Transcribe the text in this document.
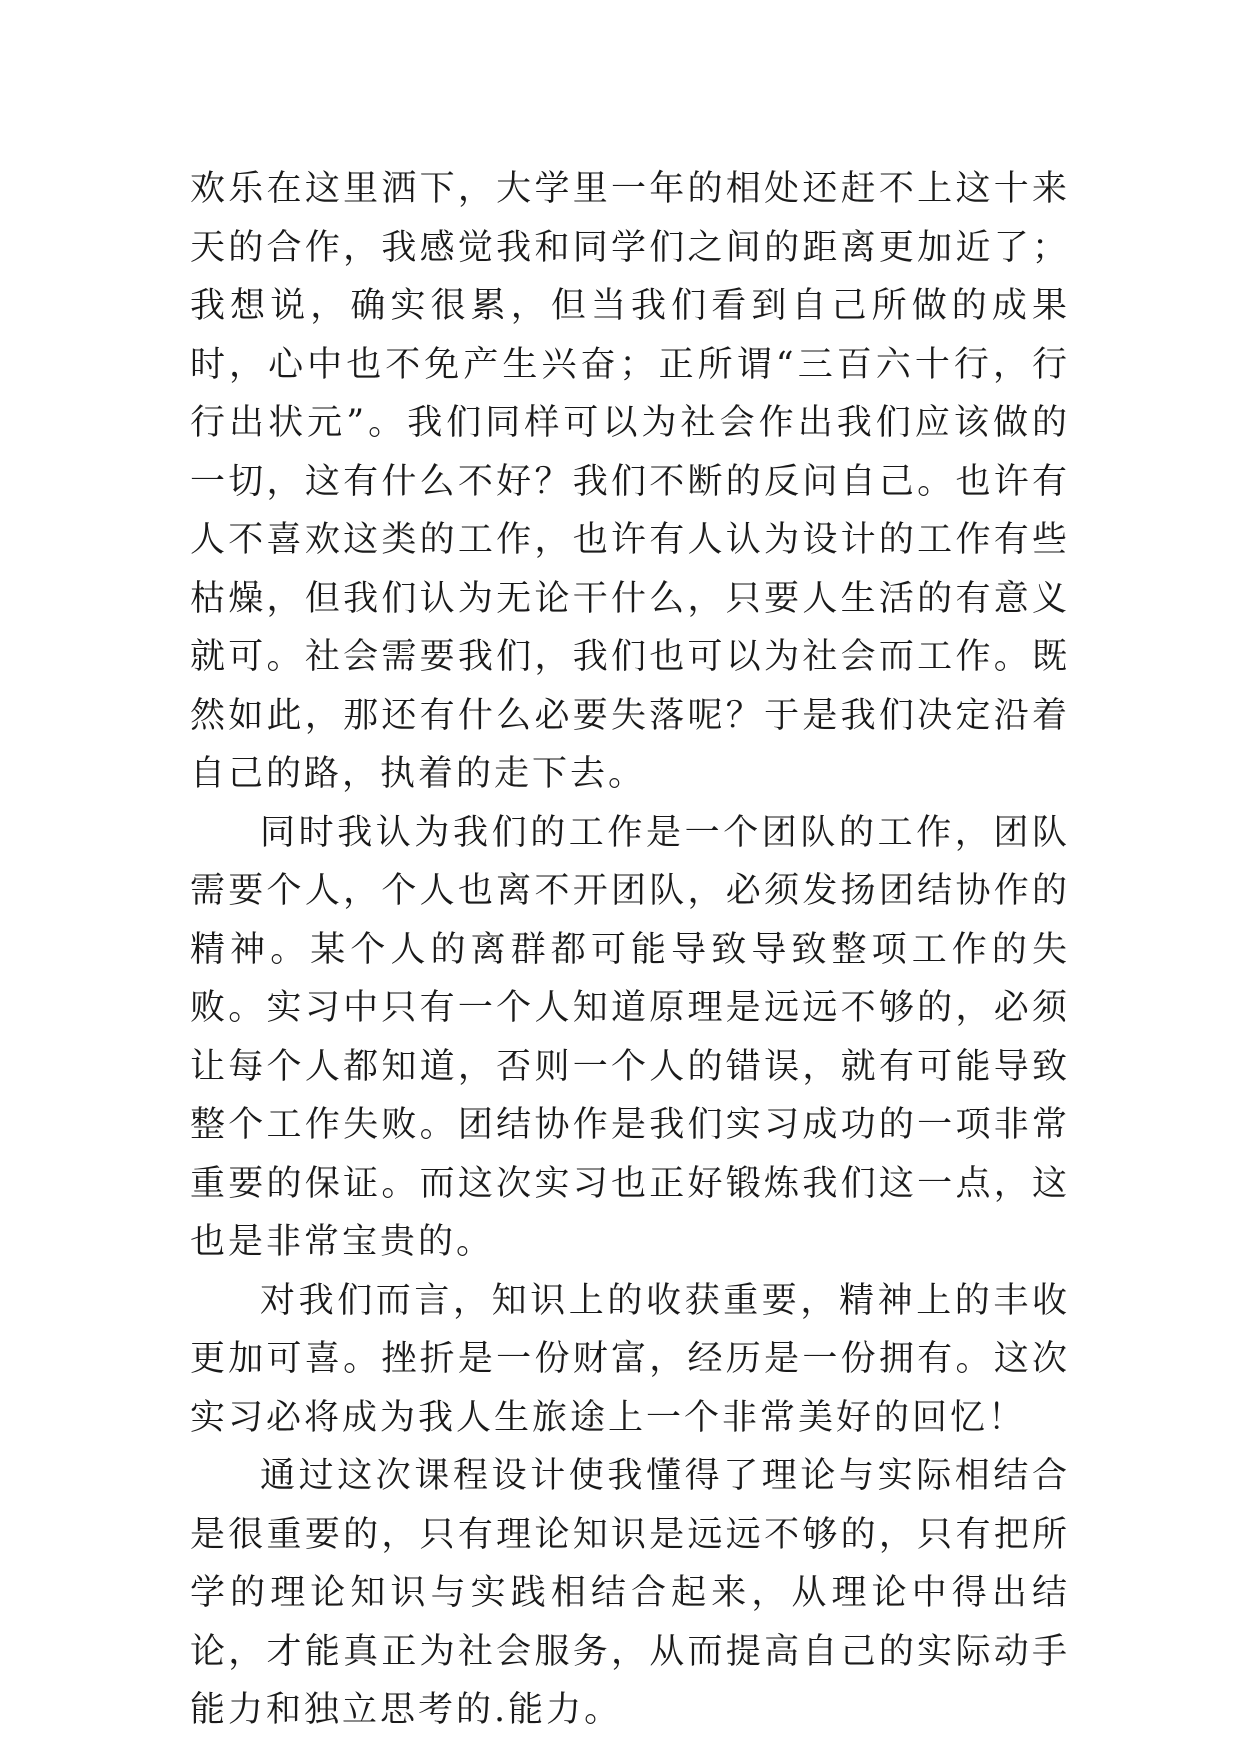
欢乐在这里洒下，大学里一年的相处还赶不上这十来天的合作，我感觉我和同学们之间的距离更加近了；我想说，确实很累，但当我们看到自己所做的成果时，心中也不免产生兴奋；正所谓“三百六十行，行行出状元”。我们同样可以为社会作出我们应该做的一切，这有什么不好？我们不断的反问自己。也许有人不喜欢这类的工作，也许有人认为设计的工作有些枯燥，但我们认为无论干什么，只要人生活的有意义就可。社会需要我们，我们也可以为社会而工作。既然如此，那还有什么必要失落呢？于是我们决定沿着自己的路，执着的走下去。

同时我认为我们的工作是一个团队的工作，团队需要个人，个人也离不开团队，必须发扬团结协作的精神。某个人的离群都可能导致导致整项工作的失败。实习中只有一个人知道原理是远远不够的，必须让每个人都知道，否则一个人的错误，就有可能导致整个工作失败。团结协作是我们实习成功的一项非常重要的保证。而这次实习也正好锻炼我们这一点，这也是非常宝贵的。

对我们而言，知识上的收获重要，精神上的丰收更加可喜。挫折是一份财富，经历是一份拥有。这次实习必将成为我人生旅途上一个非常美好的回忆！

通过这次课程设计使我懂得了理论与实际相结合是很重要的，只有理论知识是远远不够的，只有把所学的理论知识与实践相结合起来，从理论中得出结论，才能真正为社会服务，从而提高自己的实际动手能力和独立思考的.能力。
